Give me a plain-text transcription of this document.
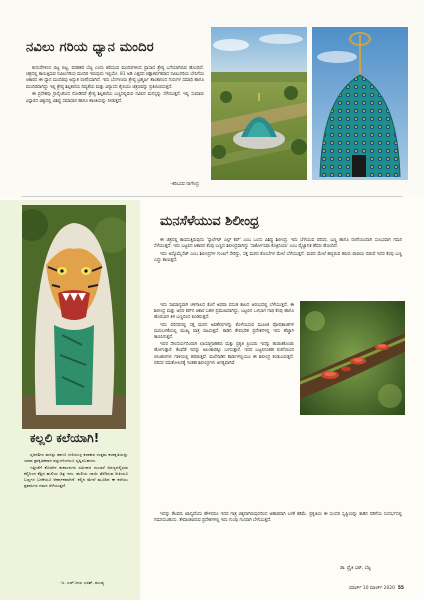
ನವಿಲು ಗರಿಯ ಧ್ಯಾನ ಮಂದಿರ

ಕುದುರೆಗಳಿಂದ ಬಿಟ್ಟ ಬಿಟ್ಟ, ವರಹತರ ಬೆಟ್ಟ ಎಂದು ಕರೆಯುವ ಮಂದಿರಗಳಿಂದ ಪ್ರಾಸಾದ ಶ್ರೇಷ್ಠ ಬಗೆಯಾಗಿರುವ ಹೊಂದಿದೆ. ಚಿತ್ರದಲ್ಲಿ ಕಾಣುತ್ತಿರುವ ನವಿಲುಗರಿಯ ಮಂದಿರ ಇರುವುದು ಇಲ್ಲಿಯೇ. 81 ಅಡಿ ಎತ್ತರದ ಚಿತ್ತಾಕರ್ಷಕವಾದ ನವಿಲುಗರಿಯ ಬೇಸಿಗೆಯ ಆಕಾರದ ಈ ಧ್ಯಾನ ಮಂದಿರವು ಅದ್ಭುತ ರಚನೆಯಾಗಿದೆ. ಇದು ಬೆಂಗಳೂರು ಶ್ರೇಷ್ಠ ಬ್ರಹ್ಮರ್ಷಿ ಶಾಂತಾನಂದ ಗುರುಗಳ ಸಮಾಧಿ ಹಾಗೂ ಮಂದಿರವಾಗಿದ್ದು ಇಲ್ಲಿ ಶ್ರೇಷ್ಠ ಶಿಲ್ಪಕಲೆಯ ದಿವ್ಯತೆಯ ಮತ್ತು ವಿನ್ಯಾಸದ ಶೈಲಿಯು ಚಿತ್ರಣವನ್ನು ಪ್ರತಿಬಿಂಬಿಸುತ್ತದೆ.

ಈ ಪ್ರದೇಶವು ಗ್ರಾನೈಟಿನಿಂದ ನೋಡಿದರೆ ಶ್ರೇಷ್ಠ ಶಿಲ್ಪಕಲೆಯ ಬಣ್ಣದಲ್ಲಿರುವ ನವಿಲಿನ ಮನಸ್ಸನ್ನು ಸೆಳೆಯುತ್ತದೆ. ಇಲ್ಲಿ ಸುಮಾರು ವಿಸ್ತಾರದ ವಿಶ್ವದಲ್ಲಿ ವಿಶಿಷ್ಟ ಸಮಾಧಾನ ಹಾಗೂ ಶಾಂತಿಯನ್ನು ನೀಡುತ್ತದೆ.

–ಕರಿಬಸವ ನಾಗೇಂದ್ರ
ಕಲ್ಲಲಿ ಕಲೆಯಾಗಿ!

ಸೃಜನಶೀಲ ಮನಸ್ಸು ಹಾಗೂ ಗುರಿಯುಳ್ಳ ಕಲಾಕಾರ ಉತ್ತಮ ಕಲಾಕೃತಿಯನ್ನು ಯಾವ ಪ್ರಾಕೃತಿಕವಾದ ವಸ್ತುಗಳಿಂದಲೂ ಸೃಷ್ಟಿಸಬಹುದು.

ಇತ್ತೀಚೆಗೆ ಕೊಡಗಿನ ಕುಶಾಲನಗರ ಸಮೀಪದ ದುಬಾರೆ ಅರಣ್ಯದಲ್ಲಿರುವ ಕಲ್ಲಿನಿಂದ ಕೆತ್ತಿದ ಹುಲಿಯ ಚಿತ್ರ ಇದು. ಹುಲಿಯ ಬಾಯಿ ತೆರೆದಿರುವ ರೀತಿಯೂ ಬಣ್ಣಗಳ ಬಳಕೆಯೂ ಆಕರ್ಷಕವಾಗಿದೆ. ಕಲ್ಲಿನ ಮೇಲೆ ಮೂಡಿದ ಈ ಕಲೆಯು ಪ್ರವಾಸಿಗರ ಗಮನ ಸೆಳೆಯುತ್ತದೆ.

–ಸಿ. ಎಚ್.ಜಯ ಭರತ್, ಮಂಡ್ಯ
ಮನಸೆಳೆಯುವ ಶಿಲೀಂಧ್ರ

ಈ ಚಿತ್ರದಲ್ಲಿ ಕಾಣಿಸುತ್ತಿರುವುದು 'ಸ್ಕಾರ್ಲೆಟ್ ಎಲ್ಫ್ ಕಪ್' ಎಂಬ ಒಂದು ವಿಶಿಷ್ಟ ಶಿಲೀಂಧ್ರ. ಇದು ಬೆಳೆಯುವ ಪರಿಸರ, ಬಣ್ಣ ಹಾಗೂ ರಚನೆಯಿಂದಾಗಿ ಸುಲಭವಾಗಿ ಗಮನ ಸೆಳೆಯುತ್ತದೆ. ಇದು ಬಟ್ಟಲಿನ ಆಕಾರದ ಕೆಂಪು ಬಣ್ಣದ ಶಿಲೀಂಧ್ರವಾಗಿದ್ದು 'ಸಾರ್ಕೋಸಿಫಾ ಕೊಕ್ಸಿನಿಯಾ' ಎಂಬ ವೈಜ್ಞಾನಿಕ ಹೆಸರು ಹೊಂದಿದೆ.

ಇದು ಅಸ್ಕೊಮೈಸೆಟ್ ಎಂಬ ಶಿಲೀಂಧ್ರಗಳ ಗುಂಪಿಗೆ ಸೇರಿದ್ದು, ಸತ್ತ ಮರದ ಕೊಂಬೆಗಳ ಮೇಲೆ ಬೆಳೆಯುತ್ತದೆ. ಮರದ ಮೇಲೆ ಹಬ್ಬಿರುವ ಹಸಿರು ಪಾಚಿಯ ನಡುವೆ ಇದರ ಕೆಂಪು ಬಣ್ಣ ಎದ್ದು ಕಾಣುತ್ತದೆ.

ಇದು ಸಾಮಾನ್ಯವಾಗಿ ಚಳಿಗಾಲದ ಕೊನೆ ಅಥವಾ ವಸಂತ ಕಾಲದ ಆರಂಭದಲ್ಲಿ ಬೆಳೆಯುತ್ತದೆ. ಈ ಶಿಲೀಂಧ್ರ ಮತ್ತು ಅದರ ಕಪ್‌ನ ಆಕಾರ ಬಹಳ ಪ್ರಮುಖವಾಗಿದ್ದು, ಬಟ್ಟಲಿನ ಒಳಭಾಗ ಗಾಢ ಕೆಂಪು ಹಾಗೂ ಹೊರಭಾಗ ತಿಳಿ ಬಣ್ಣದಿಂದ ಕೂಡಿರುತ್ತದೆ.

ಇದು ಪರಿಸರದಲ್ಲಿ ಸತ್ತ ಮರದ ಅವಶೇಷಗಳನ್ನು ಕೊಳೆಯಿಸುವ ಮೂಲಕ ಪೋಷಕಾಂಶಗಳ ಮರುಬಳಕೆಯಲ್ಲಿ ಮುಖ್ಯ ಪಾತ್ರ ವಹಿಸುತ್ತದೆ. ಕಾಡಿನ ತೇವಭರಿತ ಪ್ರದೇಶಗಳಲ್ಲಿ ಇದು ಹೆಚ್ಚಾಗಿ ಕಾಣಸಿಗುತ್ತದೆ.

ಇದರ ಸೌಂದರ್ಯದಿಂದಾಗಿ ಛಾಯಾಗ್ರಾಹಕರು ಮತ್ತು ಪ್ರಕೃತಿ ಪ್ರಿಯರು ಇದನ್ನು ಹುಡುಕಿಕೊಂಡು ಹೋಗುತ್ತಾರೆ. ಕೆಲವೆಡೆ ಇದನ್ನು ಅಲಂಕಾರಕ್ಕೂ ಬಳಸುತ್ತಾರೆ. ಇದರ ಬಟ್ಟಲಿನಂತಹ ರಚನೆಯಿಂದ ಬೀಜಕಣಗಳು ಗಾಳಿಯಲ್ಲಿ ಹರಡುತ್ತವೆ. ಮಲೆನಾಡಿನ ಕಾಡುಗಳಲ್ಲಿಯೂ ಈ ಶಿಲೀಂಧ್ರ ಕಂಡುಬರುತ್ತದೆ. ಪರಿಸರ ಸಮತೋಲನಕ್ಕೆ ಇಂತಹ ಶಿಲೀಂಧ್ರಗಳು ಅಗತ್ಯವಾಗಿವೆ.

ಇದನ್ನು ಕೆಲವರು ಖಾದ್ಯವೆಂದು ಹೇಳಿದರೂ ಇದರ ಗಾತ್ರ ಚಿಕ್ಕದಾಗಿರುವುದರಿಂದ ಆಹಾರವಾಗಿ ಬಳಕೆ ಕಡಿಮೆ. ಪ್ರಕೃತಿಯ ಈ ಸುಂದರ ಸೃಷ್ಟಿಯನ್ನು ಕಾಡಿನ ನಡಿಗೆಯ ಸಂದರ್ಭದಲ್ಲಿ ಗಮನಿಸಬಹುದು. ತೇವಾಂಶವಿರುವ ಪ್ರದೇಶಗಳಲ್ಲಿ ಇದು ಗುಂಪು ಗುಂಪಾಗಿ ಬೆಳೆಯುತ್ತದೆ.

ಡಾ. ಪ್ರೈತಿ ಭಟ್, ಬೆಟ್ಟ
ಮಾರ್ಚ್ 10 ಮಾರ್ಚ್ 2020 55
